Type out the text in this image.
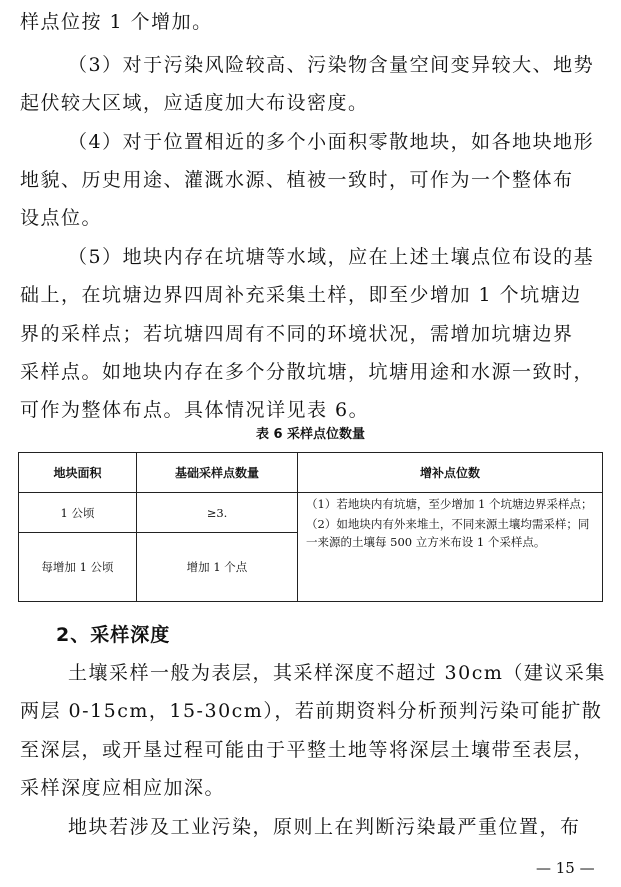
样点位按 1 个增加。
（3）对于污染风险较高、污染物含量空间变异较大、地势
起伏较大区域，应适度加大布设密度。
（4）对于位置相近的多个小面积零散地块，如各地块地形
地貌、历史用途、灌溉水源、植被一致时，可作为一个整体布
设点位。
（5）地块内存在坑塘等水域，应在上述土壤点位布设的基
础上，在坑塘边界四周补充采集土样，即至少增加 1 个坑塘边
界的采样点；若坑塘四周有不同的环境状况，需增加坑塘边界
采样点。如地块内存在多个分散坑塘，坑塘用途和水源一致时，
可作为整体布点。具体情况详见表 6。
表 6 采样点位数量
地块面积	基础采样点数量	增补点位数
1 公顷	≥3.	（1）若地块内有坑塘，至少增加 1 个坑塘边界采样点；
（2）如地块内有外来堆土，不同来源土壤均需采样；同一来源的土壤每 500 立方米布设 1 个采样点。

每增加 1 公顷	增加 1 个点	
2、采样深度
土壤采样一般为表层，其采样深度不超过 30cm（建议采集
两层 0-15cm，15-30cm），若前期资料分析预判污染可能扩散
至深层，或开垦过程可能由于平整土地等将深层土壤带至表层，
采样深度应相应加深。
地块若涉及工业污染，原则上在判断污染最严重位置，布
— 15 —
